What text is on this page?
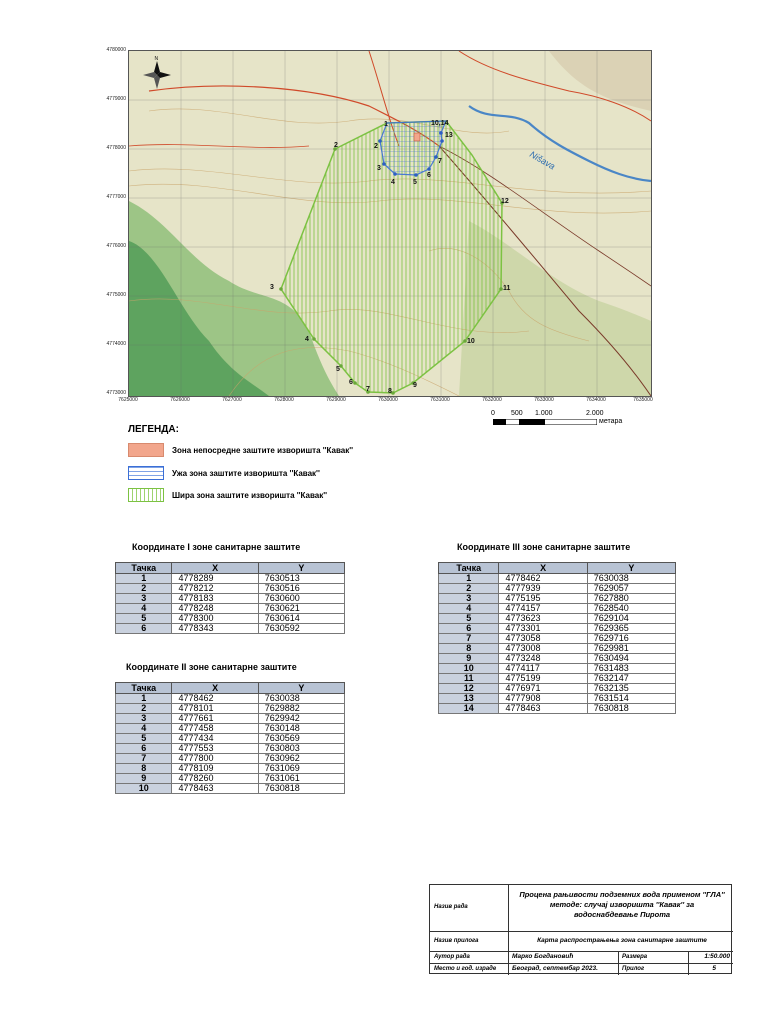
Nišava
1
2
3
4	5
6
7
10,14
13
12
11
10
9
8
7
6
5
4
3
2
N
4780000
4779000
4778000
4777000
4776000
4775000
4774000
4773000
7625000	7626000	7627000	7628000	7629000	7630000	7631000	7632000	7633000	7634000	7635000
0 500 1.000	2.000
метара
ЛЕГЕНДА:
Зона непосредне заштите изворишта ''Кавак''
Ужа зона заштите изворишта ''Кавак''
Шира зона заштите изворишта ''Кавак''
Координате I зоне санитарне заштите
Тачка	X	Y
1	4778289	7630513
2	4778212	7630516
3	4778183	7630600
4	4778248	7630621
5	4778300	7630614
6	4778343	7630592
Координате II зоне санитарне заштите
Тачка	X	Y
1	4778462	7630038
2	4778101	7629882
3	4777661	7629942
4	4777458	7630148
5	4777434	7630569
6	4777553	7630803
7	4777800	7630962
8	4778109	7631069
9	4778260	7631061
10	4778463	7630818
Координате III зоне санитарне заштите
Тачка	X	Y
1	4778462	7630038
2	4777939	7629057
3	4775195	7627880
4	4774157	7628540
5	4773623	7629104
6	4773301	7629365
7	4773058	7629716
8	4773008	7629981
9	4773248	7630494
10	4774117	7631483
11	4775199	7632147
12	4776971	7632135
13	4777908	7631514
14	4778463	7630818
Назив рада
Процена рањивости подземних вода применом ''ГЛА'' методе: случај изворишта ''Кавак'' за водоснабдевање Пирота
Назив прилога	Карта распрострањења зона санитарне заштите
Аутор рада	Марко Богдановић	Размера	1:50.000
Место и год. израде Београд, септембар 2023.	Прилог	5
